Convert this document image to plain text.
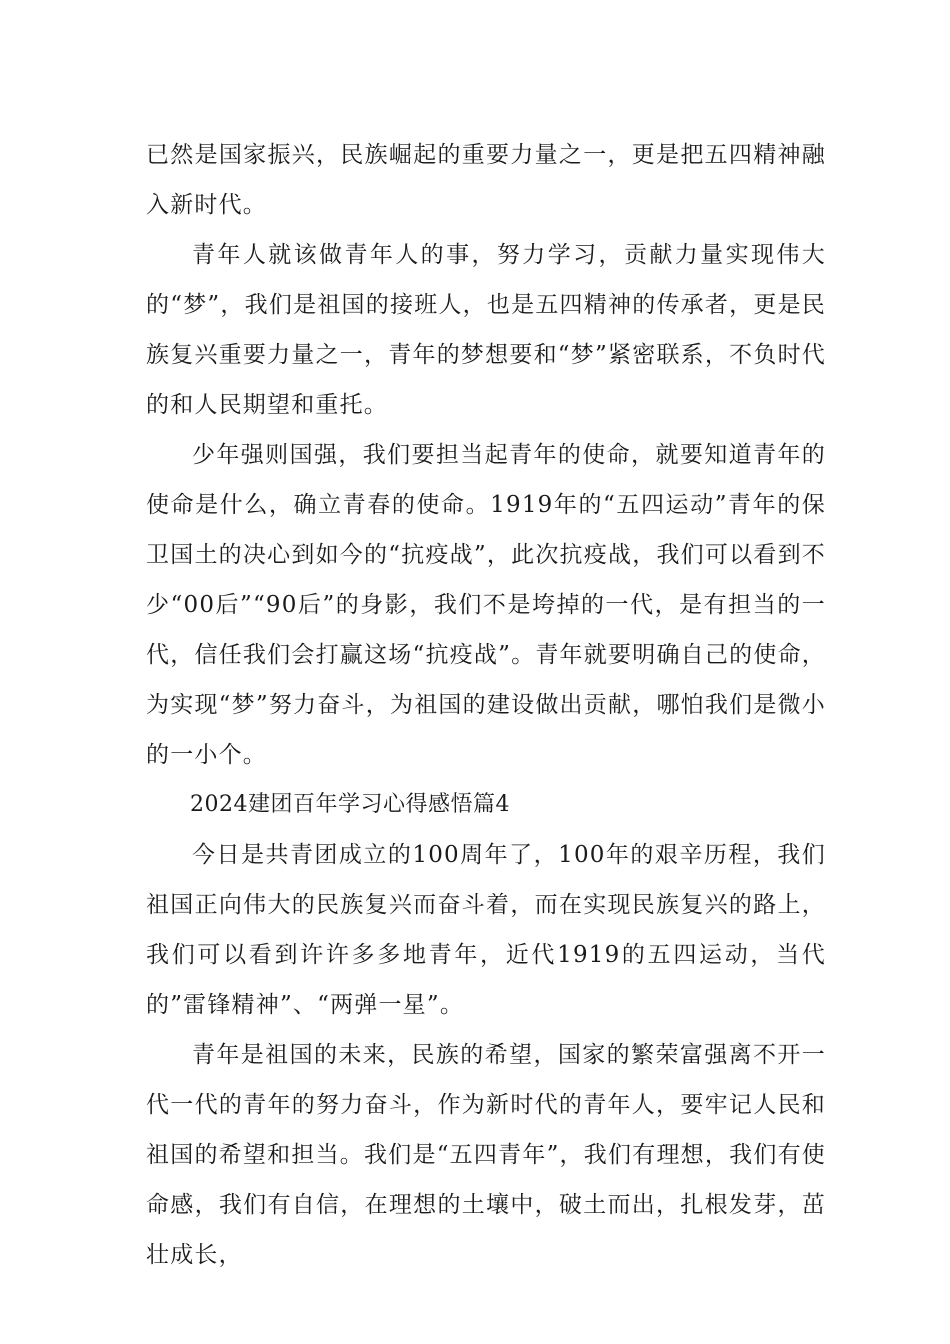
已然是国家振兴，民族崛起的重要力量之一，更是把五四精神融入新时代。

青年人就该做青年人的事，努力学习，贡献力量实现伟大的“梦”，我们是祖国的接班人，也是五四精神的传承者，更是民族复兴重要力量之一，青年的梦想要和“梦”紧密联系，不负时代的和人民期望和重托。

少年强则国强，我们要担当起青年的使命，就要知道青年的使命是什么，确立青春的使命。1919年的“五四运动”青年的保卫国土的决心到如今的“抗疫战”，此次抗疫战，我们可以看到不少“00后”“90后”的身影，我们不是垮掉的一代，是有担当的一代，信任我们会打赢这场“抗疫战”。青年就要明确自己的使命，为实现“梦”努力奋斗，为祖国的建设做出贡献，哪怕我们是微小的一小个。

2024建团百年学习心得感悟篇4

今日是共青团成立的100周年了，100年的艰辛历程，我们祖国正向伟大的民族复兴而奋斗着，而在实现民族复兴的路上，我们可以看到许许多多地青年，近代1919的五四运动，当代的”雷锋精神”、“两弹一星”。

青年是祖国的未来，民族的希望，国家的繁荣富强离不开一代一代的青年的努力奋斗，作为新时代的青年人，要牢记人民和祖国的希望和担当。我们是“五四青年”，我们有理想，我们有使命感，我们有自信，在理想的土壤中，破土而出，扎根发芽，茁壮成长，
